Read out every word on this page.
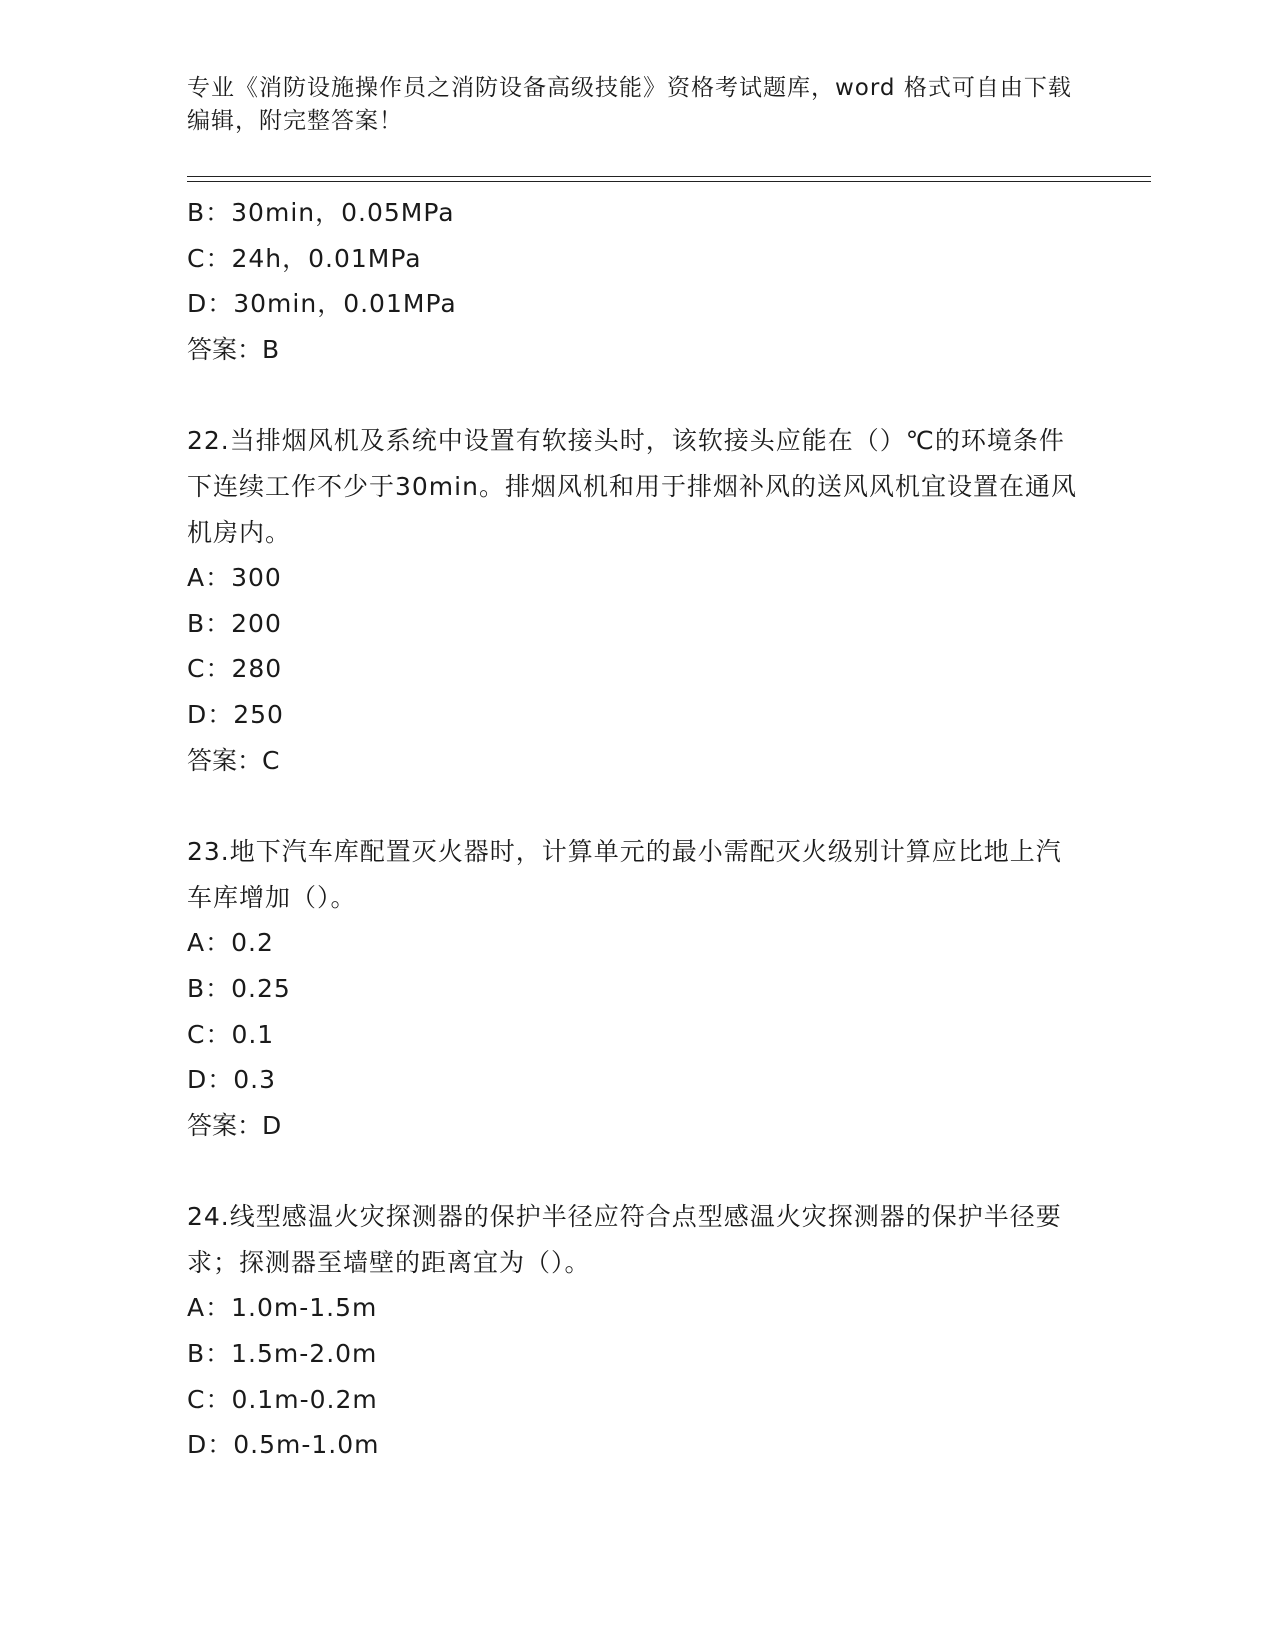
专业《消防设施操作员之消防设备高级技能》资格考试题库，word 格式可自由下载编辑，附完整答案！
B：30min，0.05MPa
C：24h，0.01MPa
D：30min，0.01MPa
答案：B
22.当排烟风机及系统中设置有软接头时，该软接头应能在（）℃的环境条件下连续工作不少于30min。排烟风机和用于排烟补风的送风风机宜设置在通风机房内。
A：300
B：200
C：280
D：250
答案：C
23.地下汽车库配置灭火器时，计算单元的最小需配灭火级别计算应比地上汽车库增加（）。
A：0.2
B：0.25
C：0.1
D：0.3
答案：D
24.线型感温火灾探测器的保护半径应符合点型感温火灾探测器的保护半径要求；探测器至墙壁的距离宜为（）。
A：1.0m-1.5m
B：1.5m-2.0m
C：0.1m-0.2m
D：0.5m-1.0m
